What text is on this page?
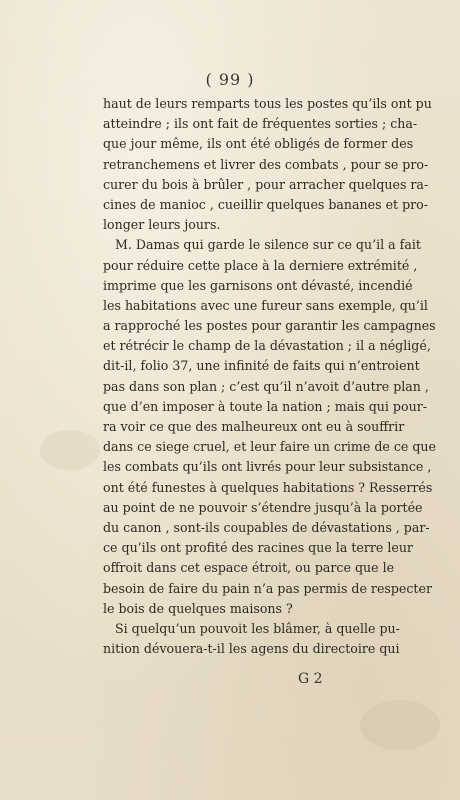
( 99 )
haut de leurs remparts tous les postes qu’ils ont pu
atteindre ; ils ont fait de fréquentes sorties ; cha-
que jour même, ils ont été obligés de former des
retranchemens et livrer des combats , pour se pro-
curer du bois à brûler , pour arracher quelques ra-
cines de manioc , cueillir quelques bananes et pro-
longer leurs jours.
M. Damas qui garde le silence sur ce qu’il a fait
pour réduire cette place à la derniere extrémité ,
imprime que les garnisons ont dévasté, incendié
les habitations avec une fureur sans exemple, qu’il
a rapproché les postes pour garantir les campagnes
et rétrécir le champ de la dévastation ; il a négligé,
dit-il, folio 37, une infinité de faits qui n’entroient
pas dans son plan ; c’est qu’il n’avoit d’autre plan ,
que d’en imposer à toute la nation ; mais qui pour-
ra voir ce que des malheureux ont eu à souffrir
dans ce siege cruel, et leur faire un crime de ce que
les combats qu’ils ont livrés pour leur subsistance ,
ont été funestes à quelques habitations ? Resserrés
au point de ne pouvoir s’étendre jusqu’à la portée
du canon , sont-ils coupables de dévastations , par-
ce qu’ils ont profité des racines que la terre leur
offroit dans cet espace étroit, ou parce que le
besoin de faire du pain n’a pas permis de respecter
le bois de quelques maisons ?
Si quelqu’un pouvoit les blâmer, à quelle pu-
nition dévouera-t-il les agens du directoire qui
G 2
